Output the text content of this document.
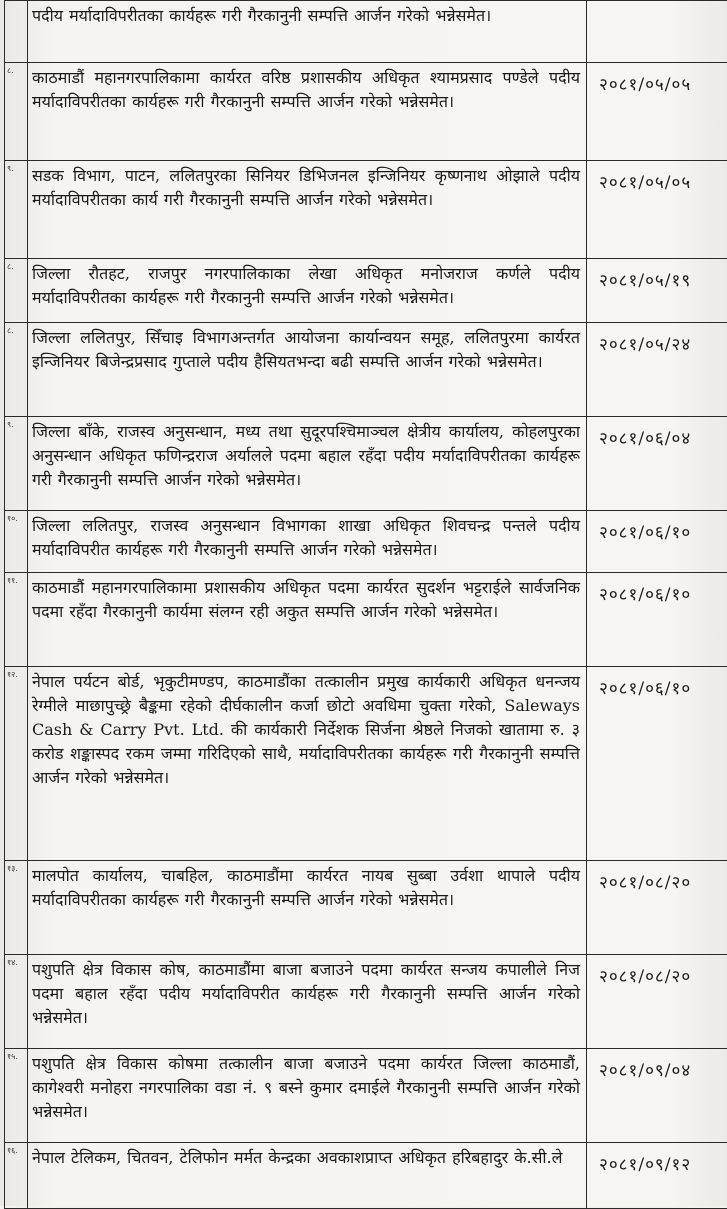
	पदीय मर्यादाविपरीतका कार्यहरू गरी गैरकानुनी सम्पत्ति आर्जन गरेको भन्नेसमेत।	
८.	काठमाडौं महानगरपालिकामा कार्यरत वरिष्ठ प्रशासकीय अधिकृत श्यामप्रसाद पण्डेले पदीय मर्यादाविपरीतका कार्यहरू गरी गैरकानुनी सम्पत्ति आर्जन गरेको भन्नेसमेत।	२०८१/०५/०५
९.	सडक विभाग, पाटन, ललितपुरका सिनियर डिभिजनल इन्जिनियर कृष्णनाथ ओझाले पदीय मर्यादाविपरीतका कार्य गरी गैरकानुनी सम्पत्ति आर्जन गरेको भन्नेसमेत।	२०८१/०५/०५
८.	जिल्ला रौतहट, राजपुर नगरपालिकाका लेखा अधिकृत मनोजराज कर्णले पदीय मर्यादाविपरीतका कार्यहरू गरी गैरकानुनी सम्पत्ति आर्जन गरेको भन्नेसमेत।	२०८१/०५/१९
८.	जिल्ला ललितपुर, सिँचाइ विभागअन्तर्गत आयोजना कार्यान्वयन समूह, ललितपुरमा कार्यरत इन्जिनियर बिजेन्द्रप्रसाद गुप्ताले पदीय हैसियतभन्दा बढी सम्पत्ति आर्जन गरेको भन्नेसमेत।	२०८१/०५/२४
९.	जिल्ला बाँके, राजस्व अनुसन्धान, मध्य तथा सुदूरपश्चिमाञ्चल क्षेत्रीय कार्यालय, कोहलपुरका अनुसन्धान अधिकृत फणिन्द्रराज अर्यालले पदमा बहाल रहँदा पदीय मर्यादाविपरीतका कार्यहरू गरी गैरकानुनी सम्पत्ति आर्जन गरेको भन्नेसमेत।	२०८१/०६/०४
१०.	जिल्ला ललितपुर, राजस्व अनुसन्धान विभागका शाखा अधिकृत शिवचन्द्र पन्तले पदीय मर्यादाविपरीत कार्यहरू गरी गैरकानुनी सम्पत्ति आर्जन गरेको भन्नेसमेत।	२०८१/०६/१०
११.	काठमाडौं महानगरपालिकामा प्रशासकीय अधिकृत पदमा कार्यरत सुदर्शन भट्टराईले सार्वजनिक पदमा रहँदा गैरकानुनी कार्यमा संलग्न रही अकुत सम्पत्ति आर्जन गरेको भन्नेसमेत।	२०८१/०६/१०
१२.	नेपाल पर्यटन बोर्ड, भृकुटीमण्डप, काठमाडौंका तत्कालीन प्रमुख कार्यकारी अधिकृत धनन्जय रेग्मीले माछापुच्छ्रे बैङ्कमा रहेको दीर्घकालीन कर्जा छोटो अवधिमा चुक्ता गरेको, Saleways Cash & Carry Pvt. Ltd. की कार्यकारी निर्देशक सिर्जना श्रेष्ठले निजको खातामा रु. ३ करोड शङ्कास्पद रकम जम्मा गरिदिएको साथै, मर्यादाविपरीतका कार्यहरू गरी गैरकानुनी सम्पत्ति आर्जन गरेको भन्नेसमेत।	२०८१/०६/१०
१३.	मालपोत कार्यालय, चाबहिल, काठमाडौंमा कार्यरत नायब सुब्बा उर्वशा थापाले पदीय मर्यादाविपरीतका कार्यहरू गरी गैरकानुनी सम्पत्ति आर्जन गरेको भन्नेसमेत।	२०८१/०८/२०
१४.	पशुपति क्षेत्र विकास कोष, काठमाडौंमा बाजा बजाउने पदमा कार्यरत सन्जय कपालीले निज पदमा बहाल रहँदा पदीय मर्यादाविपरीत कार्यहरू गरी गैरकानुनी सम्पत्ति आर्जन गरेको भन्नेसमेत।	२०८१/०८/२०
१५.	पशुपति क्षेत्र विकास कोषमा तत्कालीन बाजा बजाउने पदमा कार्यरत जिल्ला काठमाडौं, कागेश्वरी मनोहरा नगरपालिका वडा नं. ९ बस्ने कुमार दमाईले गैरकानुनी सम्पत्ति आर्जन गरेको भन्नेसमेत।	२०८१/०९/०४
१६.	नेपाल टेलिकम, चितवन, टेलिफोन मर्मत केन्द्रका अवकाशप्राप्त अधिकृत हरिबहादुर के.सी.ले	२०८१/०९/१२
